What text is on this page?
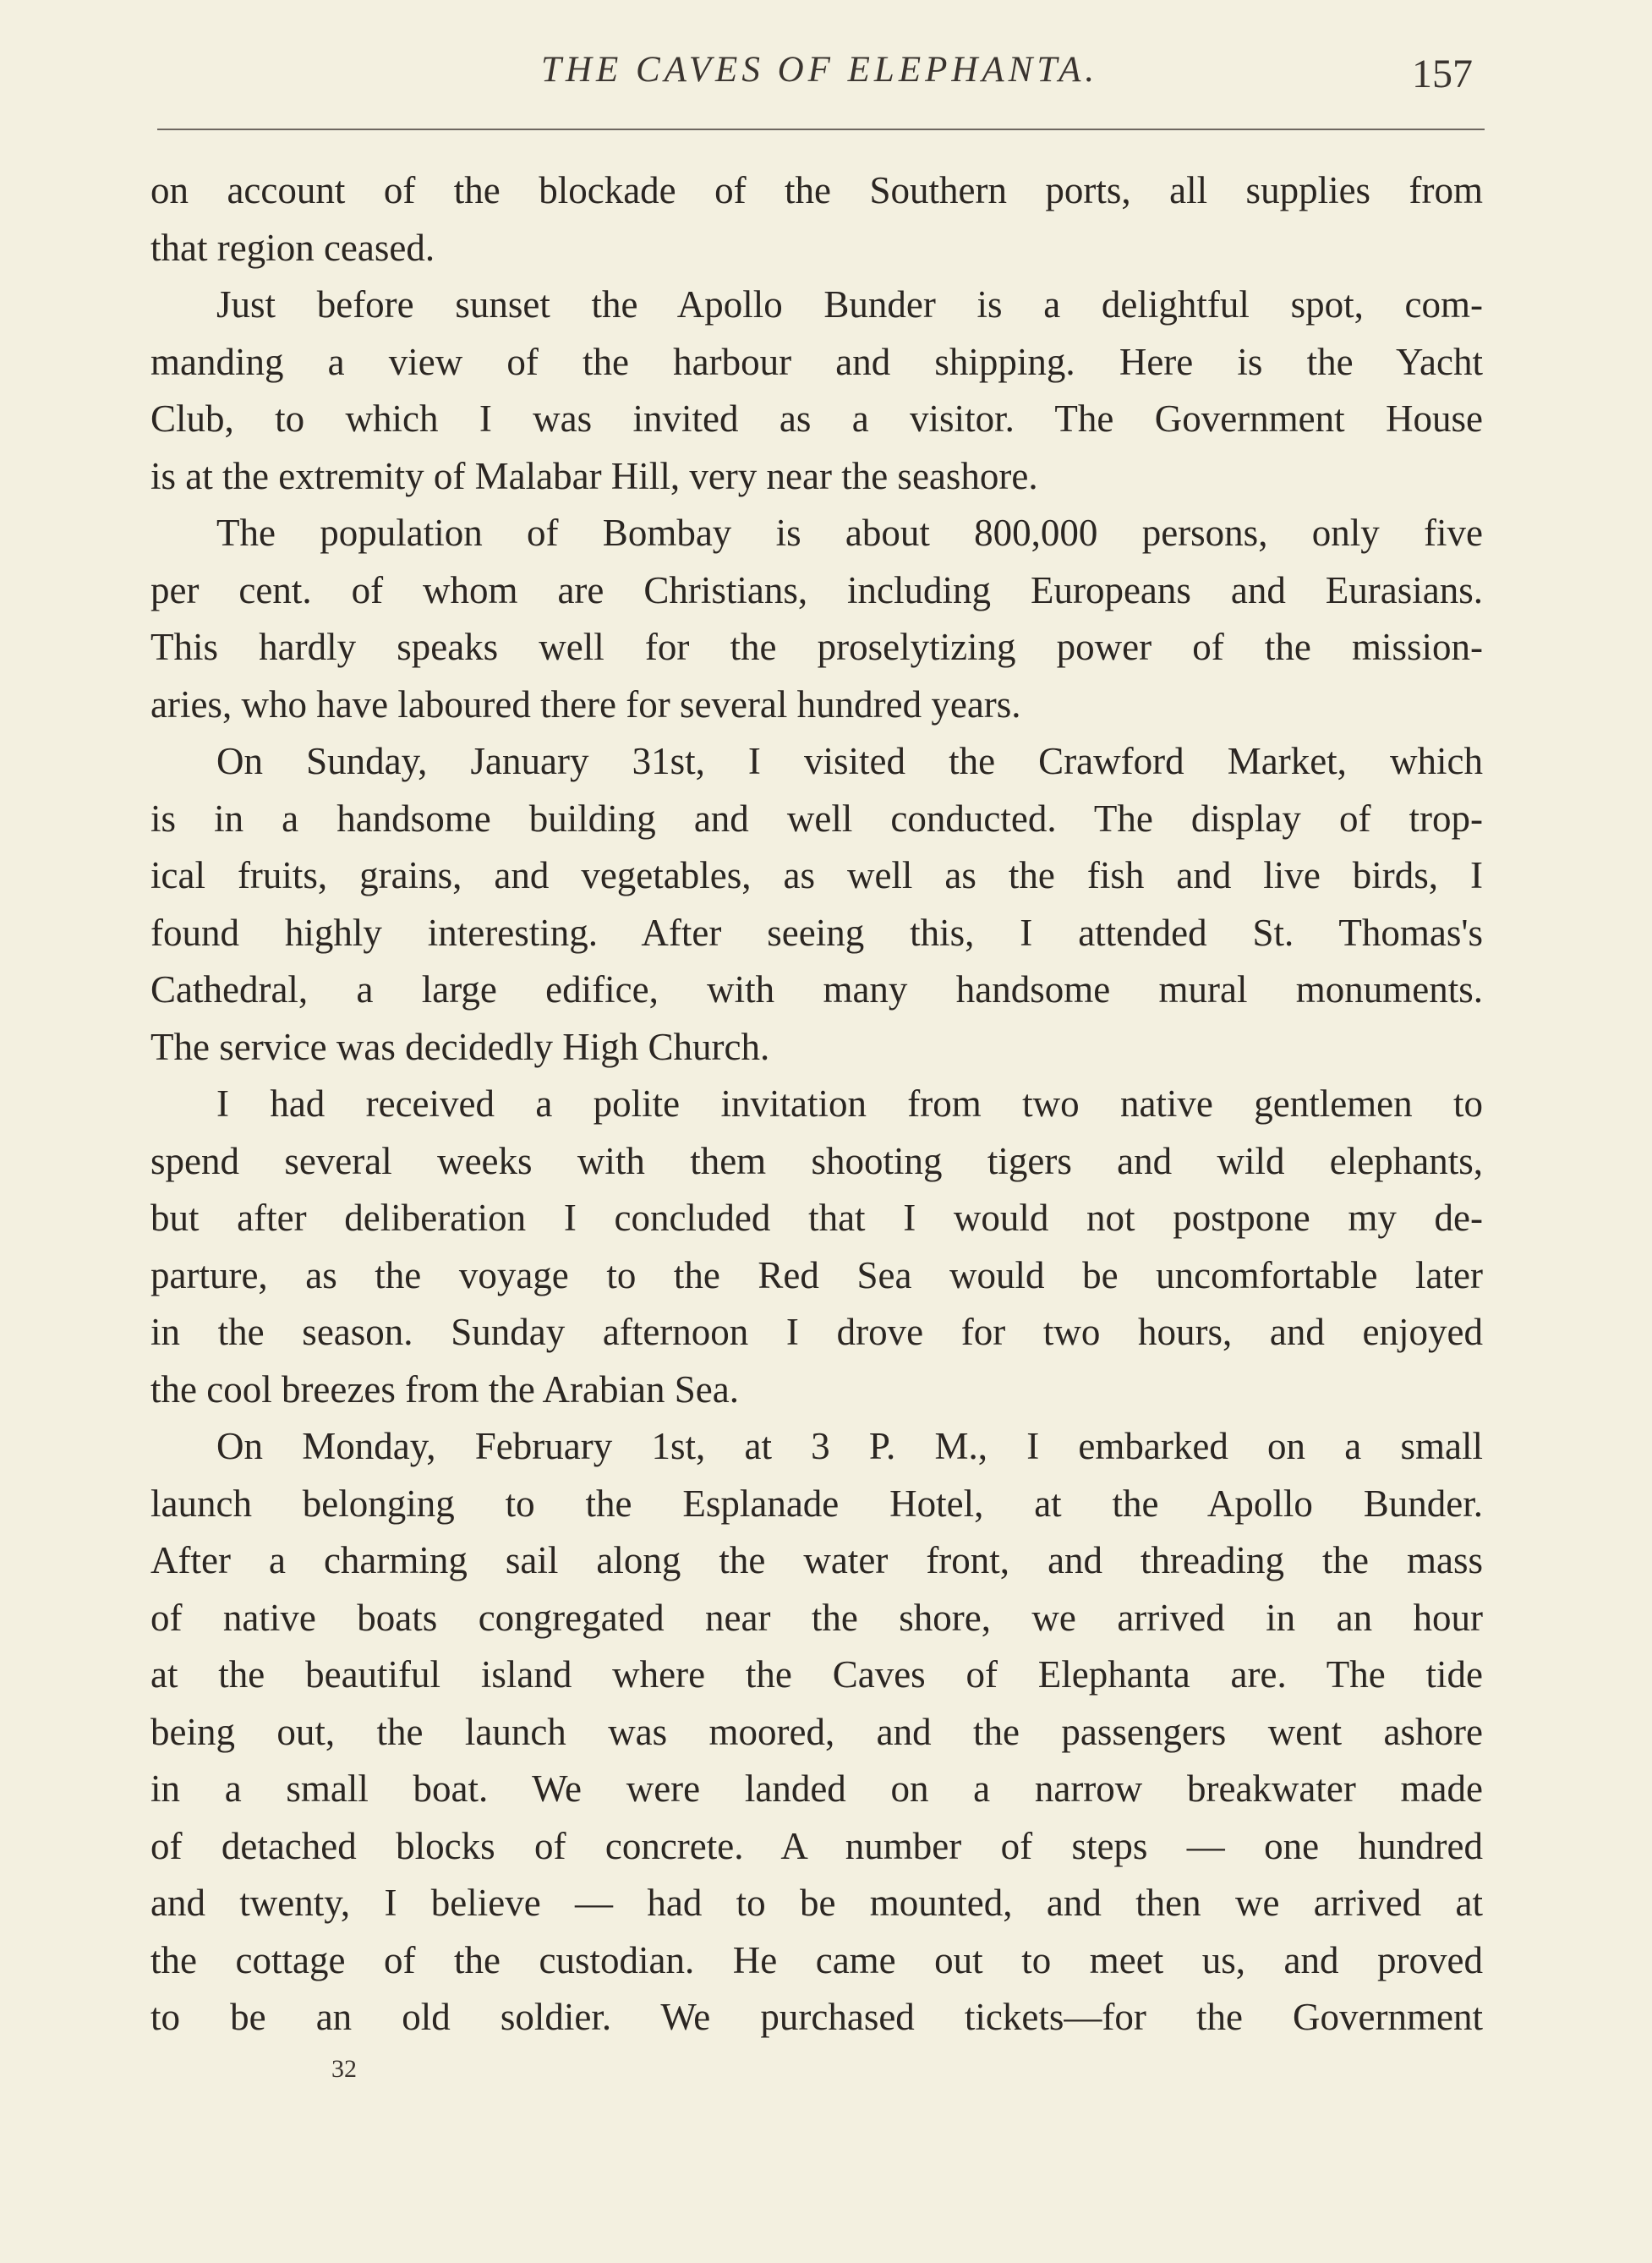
THE CAVES OF ELEPHANTA.	157
on account of the blockade of the Southern ports, all supplies from
that region ceased.
Just before sunset the Apollo Bunder is a delightful spot, com-
manding a view of the harbour and shipping. Here is the Yacht
Club, to which I was invited as a visitor. The Government House
is at the extremity of Malabar Hill, very near the seashore.
The population of Bombay is about 800,000 persons, only five
per cent. of whom are Christians, including Europeans and Eurasians.
This hardly speaks well for the proselytizing power of the mission-
aries, who have laboured there for several hundred years.
On Sunday, January 31st, I visited the Crawford Market, which
is in a handsome building and well conducted. The display of trop-
ical fruits, grains, and vegetables, as well as the fish and live birds, I
found highly interesting. After seeing this, I attended St. Thomas's
Cathedral, a large edifice, with many handsome mural monuments.
The service was decidedly High Church.
I had received a polite invitation from two native gentlemen to
spend several weeks with them shooting tigers and wild elephants,
but after deliberation I concluded that I would not postpone my de-
parture, as the voyage to the Red Sea would be uncomfortable later
in the season. Sunday afternoon I drove for two hours, and enjoyed
the cool breezes from the Arabian Sea.
On Monday, February 1st, at 3 P. M., I embarked on a small
launch belonging to the Esplanade Hotel, at the Apollo Bunder.
After a charming sail along the water front, and threading the mass
of native boats congregated near the shore, we arrived in an hour
at the beautiful island where the Caves of Elephanta are. The tide
being out, the launch was moored, and the passengers went ashore
in a small boat. We were landed on a narrow breakwater made
of detached blocks of concrete. A number of steps — one hundred
and twenty, I believe — had to be mounted, and then we arrived at
the cottage of the custodian. He came out to meet us, and proved
to be an old soldier. We purchased tickets—for the Government
32
